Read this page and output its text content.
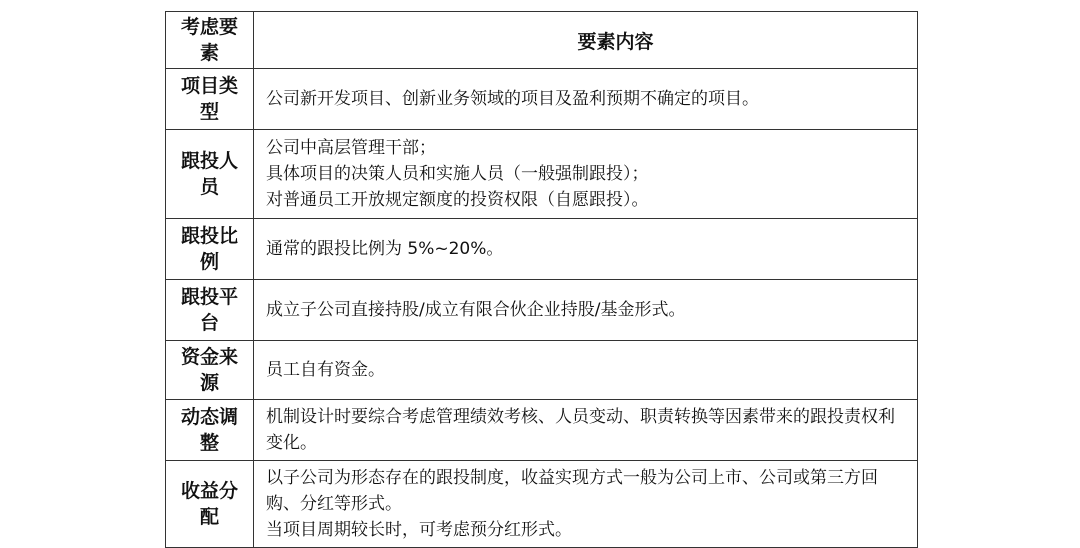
考虑要素	要素内容
项目类型	公司新开发项目、创新业务领域的项目及盈利预期不确定的项目。

跟投人员	公司中高层管理干部；
具体项目的决策人员和实施人员（一般强制跟投）；
对普通员工开放规定额度的投资权限（自愿跟投）。

跟投比例	通常的跟投比例为 5%~20%。

跟投平台	成立子公司直接持股/成立有限合伙企业持股/基金形式。

资金来源	员工自有资金。

动态调整	机制设计时要综合考虑管理绩效考核、人员变动、职责转换等因素带来的跟投责权利变化。

收益分配	以子公司为形态存在的跟投制度，收益实现方式一般为公司上市、公司或第三方回购、分红等形式。
当项目周期较长时，可考虑预分红形式。
